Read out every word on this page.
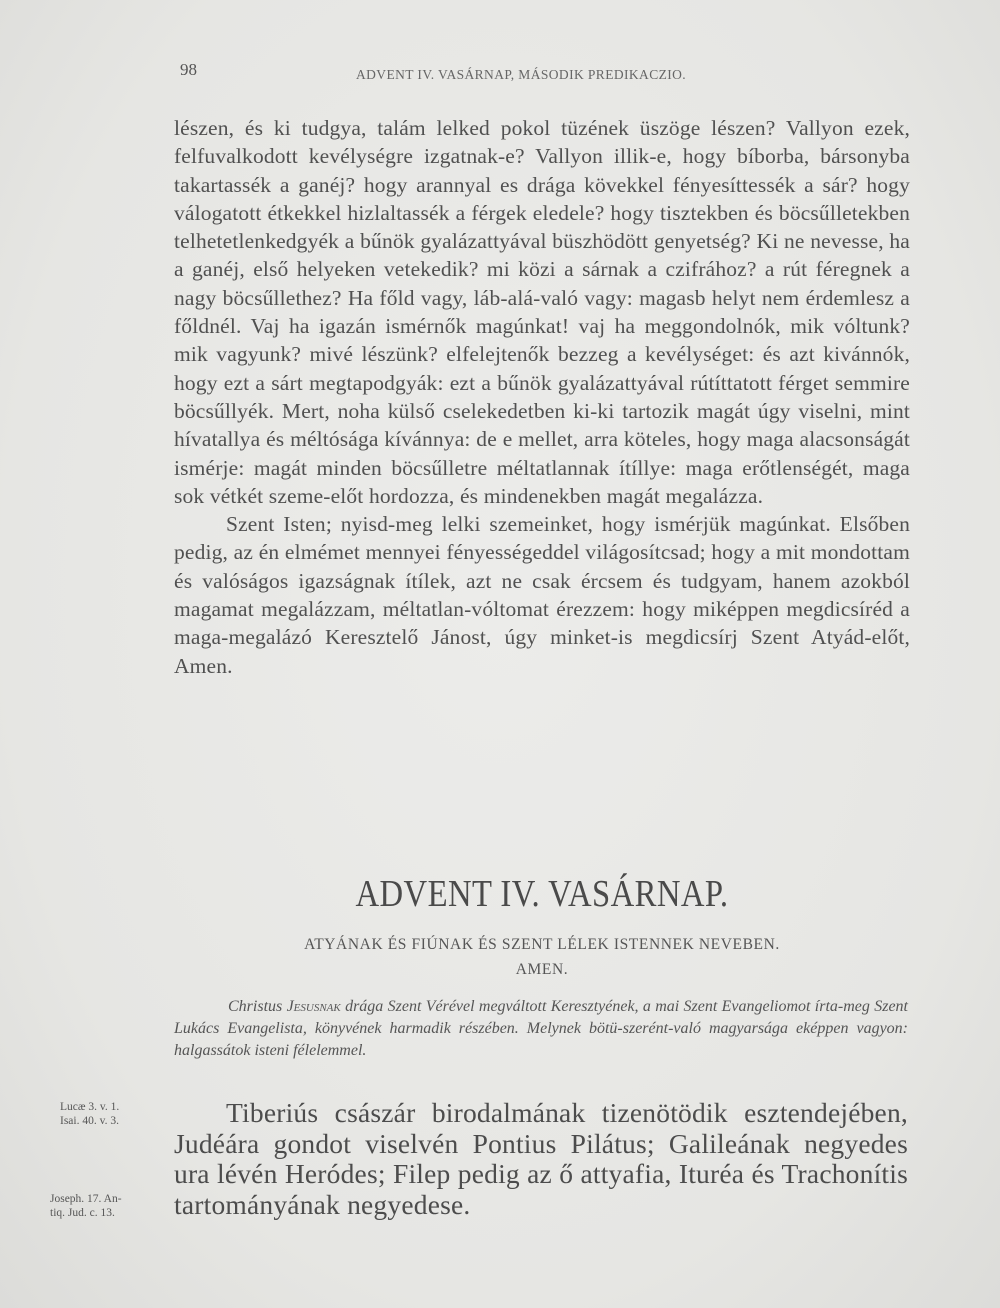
98	ADVENT IV. VASÁRNAP, MÁSODIK PREDIKACZIO.

lészen, és ki tudgya, talám lelked pokol tüzének üszöge lészen? Vallyon ezek, felfuvalkodott kevélységre izgatnak-e? Vallyon illik-e, hogy bíborba, bársonyba takartassék a ganéj? hogy arannyal es drága kövekkel fényesíttessék a sár? hogy válogatott étkekkel hizlaltassék a férgek eledele? hogy tisztekben és böcsűlletekben telhetetlenkedgyék a bűnök gyalázattyával büszhödött genyetség? Ki ne nevesse, ha a ganéj, első helyeken vetekedik? mi közi a sárnak a czifrához? a rút féregnek a nagy böcsűllethez? Ha főld vagy, láb-alá-való vagy: magasb helyt nem érdemlesz a főldnél. Vaj ha igazán ismérnők magúnkat! vaj ha meggondolnók, mik vóltunk? mik vagyunk? mivé lészünk? elfelejtenők bezzeg a kevélységet: és azt kivánnók, hogy ezt a sárt megtapodgyák: ezt a bűnök gyalázattyával rútíttatott férget semmire böcsűllyék. Mert, noha külső cselekedetben ki-ki tartozik magát úgy viselni, mint hívatallya és méltósága kívánnya: de e mellet, arra köteles, hogy maga alacsonságát ismérje: magát minden böcsűlletre méltatlannak ítíllye: maga erőtlenségét, maga sok vétkét szeme-előt hordozza, és mindenekben magát megalázza.

Szent Isten; nyisd-meg lelki szemeinket, hogy ismérjük magúnkat. Elsőben pedig, az én elmémet mennyei fényességeddel világosítcsad; hogy a mit mondottam és valóságos igazságnak ítílek, azt ne csak ércsem és tudgyam, hanem azokból magamat megalázzam, méltatlan-vóltomat érezzem: hogy miképpen megdicsíréd a maga-megalázó Keresztelő Jánost, úgy minket-is megdicsírj Szent Atyád-előt, Amen.

ADVENT IV. VASÁRNAP.
ATYÁNAK ÉS FIÚNAK ÉS SZENT LÉLEK ISTENNEK NEVEBEN.
AMEN.

Christus Jesusnak drága Szent Vérével megváltott Keresztyének, a mai Szent Evangeliomot írta-meg Szent Lukács Evangelista, könyvének harmadik részében. Melynek bötü-szerént-való magyarsága eképpen vagyon: halgassátok isteni félelemmel.

Tiberiús császár birodalmának tizenötödik esztendejében, Judéára gondot viselvén Pontius Pilátus; Galileának negyedes ura lévén Heródes; Filep pedig az ő attyafia, Ituréa és Trachonítis tartományának negyedese.

Lucæ 3. v. 1.
Isai. 40. v. 3.
Joseph. 17. An-
tiq. Jud. c. 13.
